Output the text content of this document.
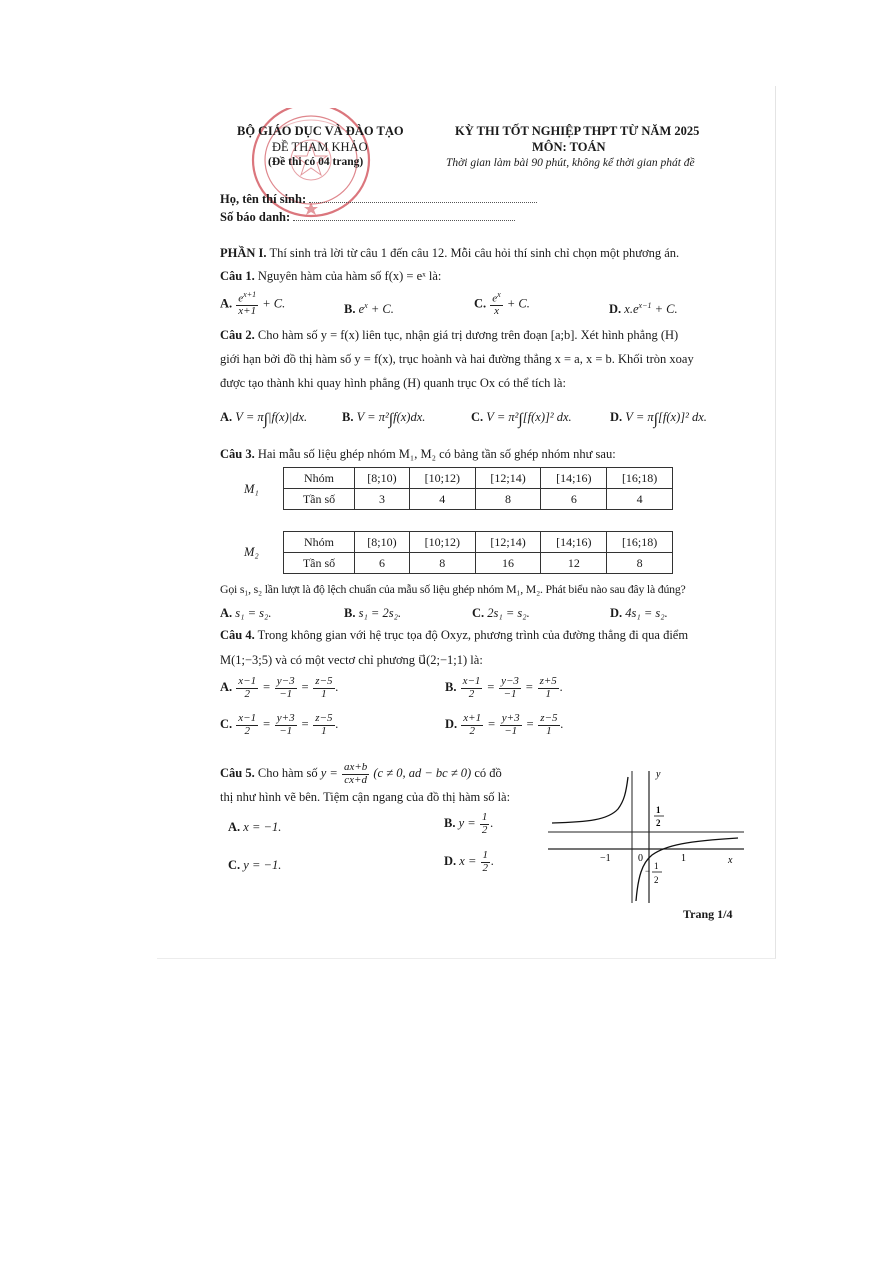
BỘ GIÁO DỤC VÀ ĐÀO TẠO
ĐỀ THAM KHẢO
(Đề thi có 04 trang)
KỲ THI TỐT NGHIỆP THPT TỪ NĂM 2025
MÔN: TOÁN
Thời gian làm bài 90 phút, không kể thời gian phát đề
Họ, tên thí sinh:
Số báo danh:
PHẦN I. Thí sinh trả lời từ câu 1 đến câu 12. Mỗi câu hỏi thí sinh chỉ chọn một phương án.
Câu 1. Nguyên hàm của hàm số f(x) = eˣ là:
A. $\frac{e^{x+1}}{x+1} + C$.	B. $e^x + C$.	C. $\frac{e^x}{x} + C$.	D. $x.e^{x-1} + C$.
Câu 2. Cho hàm số y = f(x) liên tục, nhận giá trị dương trên đoạn [a;b]. Xét hình phẳng (H)
giới hạn bởi đồ thị hàm số y = f(x), trục hoành và hai đường thẳng x = a, x = b. Khối tròn xoay
được tạo thành khi quay hình phẳng (H) quanh trục Ox có thể tích là:
A. V = π∫|f(x)|dx.	B. V = π²∫f(x)dx.	C. V = π²∫[f(x)]² dx.	D. V = π∫[f(x)]² dx.
Câu 3. Hai mẫu số liệu ghép nhóm M₁, M₂ có bảng tần số ghép nhóm như sau:
M₁
Nhóm	[8;10)	[10;12)	[12;14)	[14;16)	[16;18)
Tần số	3	4	8	6	4
M₂
Nhóm	[8;10)	[10;12)	[12;14)	[14;16)	[16;18)
Tần số	6	8	16	12	8
Gọi s₁, s₂ lần lượt là độ lệch chuẩn của mẫu số liệu ghép nhóm M₁, M₂. Phát biểu nào sau đây là đúng?
A. s₁ = s₂.	B. s₁ = 2s₂.	C. 2s₁ = s₂.	D. 4s₁ = s₂.
Câu 4. Trong không gian với hệ trục tọa độ Oxyz, phương trình của đường thẳng đi qua điểm
M(1;−3;5) và có một vectơ chỉ phương u⃗(2;−1;1) là:
A. $\frac{x-1}{2} = \frac{y-3}{-1} = \frac{z-5}{1}$ .	B. $\frac{x-1}{2} = \frac{y-3}{-1} = \frac{z+5}{1}$ .
C. $\frac{x-1}{2} = \frac{y+3}{-1} = \frac{z-5}{1}$ .	D. $\frac{x+1}{2} = \frac{y+3}{-1} = \frac{z-5}{1}$ .
Câu 5. Cho hàm số $y = \frac{ax+b}{cx+d} (c \ne 0$, ad − bc ≠ 0) có đồ
thị như hình vẽ bên. Tiệm cận ngang của đồ thị hàm số là:
A. x = −1.	B. $y = \frac{1}{2}$ .
C. y = −1.	D. $x = \frac{1}{2}$ .
y
x
0
−1	1
1
2
1
−
2
Trang 1/4
